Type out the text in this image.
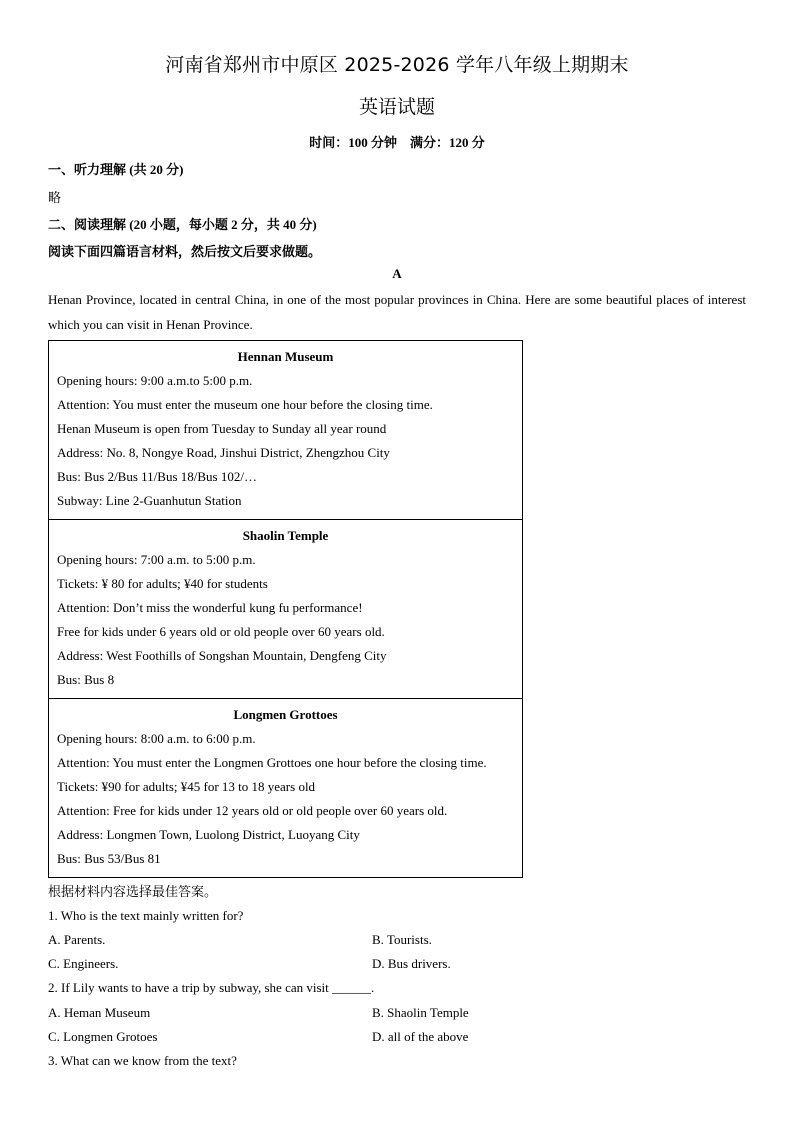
河南省郑州市中原区 2025-2026 学年八年级上期期末
英语试题
时间：100 分钟　满分：120 分
一、听力理解 (共 20 分)
略
二、阅读理解 (20 小题，每小题 2 分，共 40 分)
阅读下面四篇语言材料，然后按文后要求做题。
A
Henan Province, located in central China, in one of the most popular provinces in China. Here are some beautiful places of interest which you can visit in Henan Province.
Hennan Museum
Opening hours: 9:00 a.m.to 5:00 p.m.
Attention: You must enter the museum one hour before the closing time.
Henan Museum is open from Tuesday to Sunday all year round
Address: No. 8, Nongye Road, Jinshui District, Zhengzhou City
Bus: Bus 2/Bus 11/Bus 18/Bus 102/…
Subway: Line 2-Guanhutun Station

Shaolin Temple
Opening hours: 7:00 a.m. to 5:00 p.m.
Tickets: ¥ 80 for adults; ¥40 for students
Attention: Don’t miss the wonderful kung fu performance!
Free for kids under 6 years old or old people over 60 years old.
Address: West Foothills of Songshan Mountain, Dengfeng City
Bus: Bus 8

Longmen Grottoes
Opening hours: 8:00 a.m. to 6:00 p.m.
Attention: You must enter the Longmen Grottoes one hour before the closing time.
Tickets: ¥90 for adults; ¥45 for 13 to 18 years old
Attention: Free for kids under 12 years old or old people over 60 years old.
Address: Longmen Town, Luolong District, Luoyang City
Bus: Bus 53/Bus 81
根据材料内容选择最佳答案。
1. Who is the text mainly written for?
A. Parents.	B. Tourists.
C. Engineers.	D. Bus drivers.
2. If Lily wants to have a trip by subway, she can visit ______.
A. Heman Museum	B. Shaolin Temple
C. Longmen Grotoes	D. all of the above
3. What can we know from the text?
